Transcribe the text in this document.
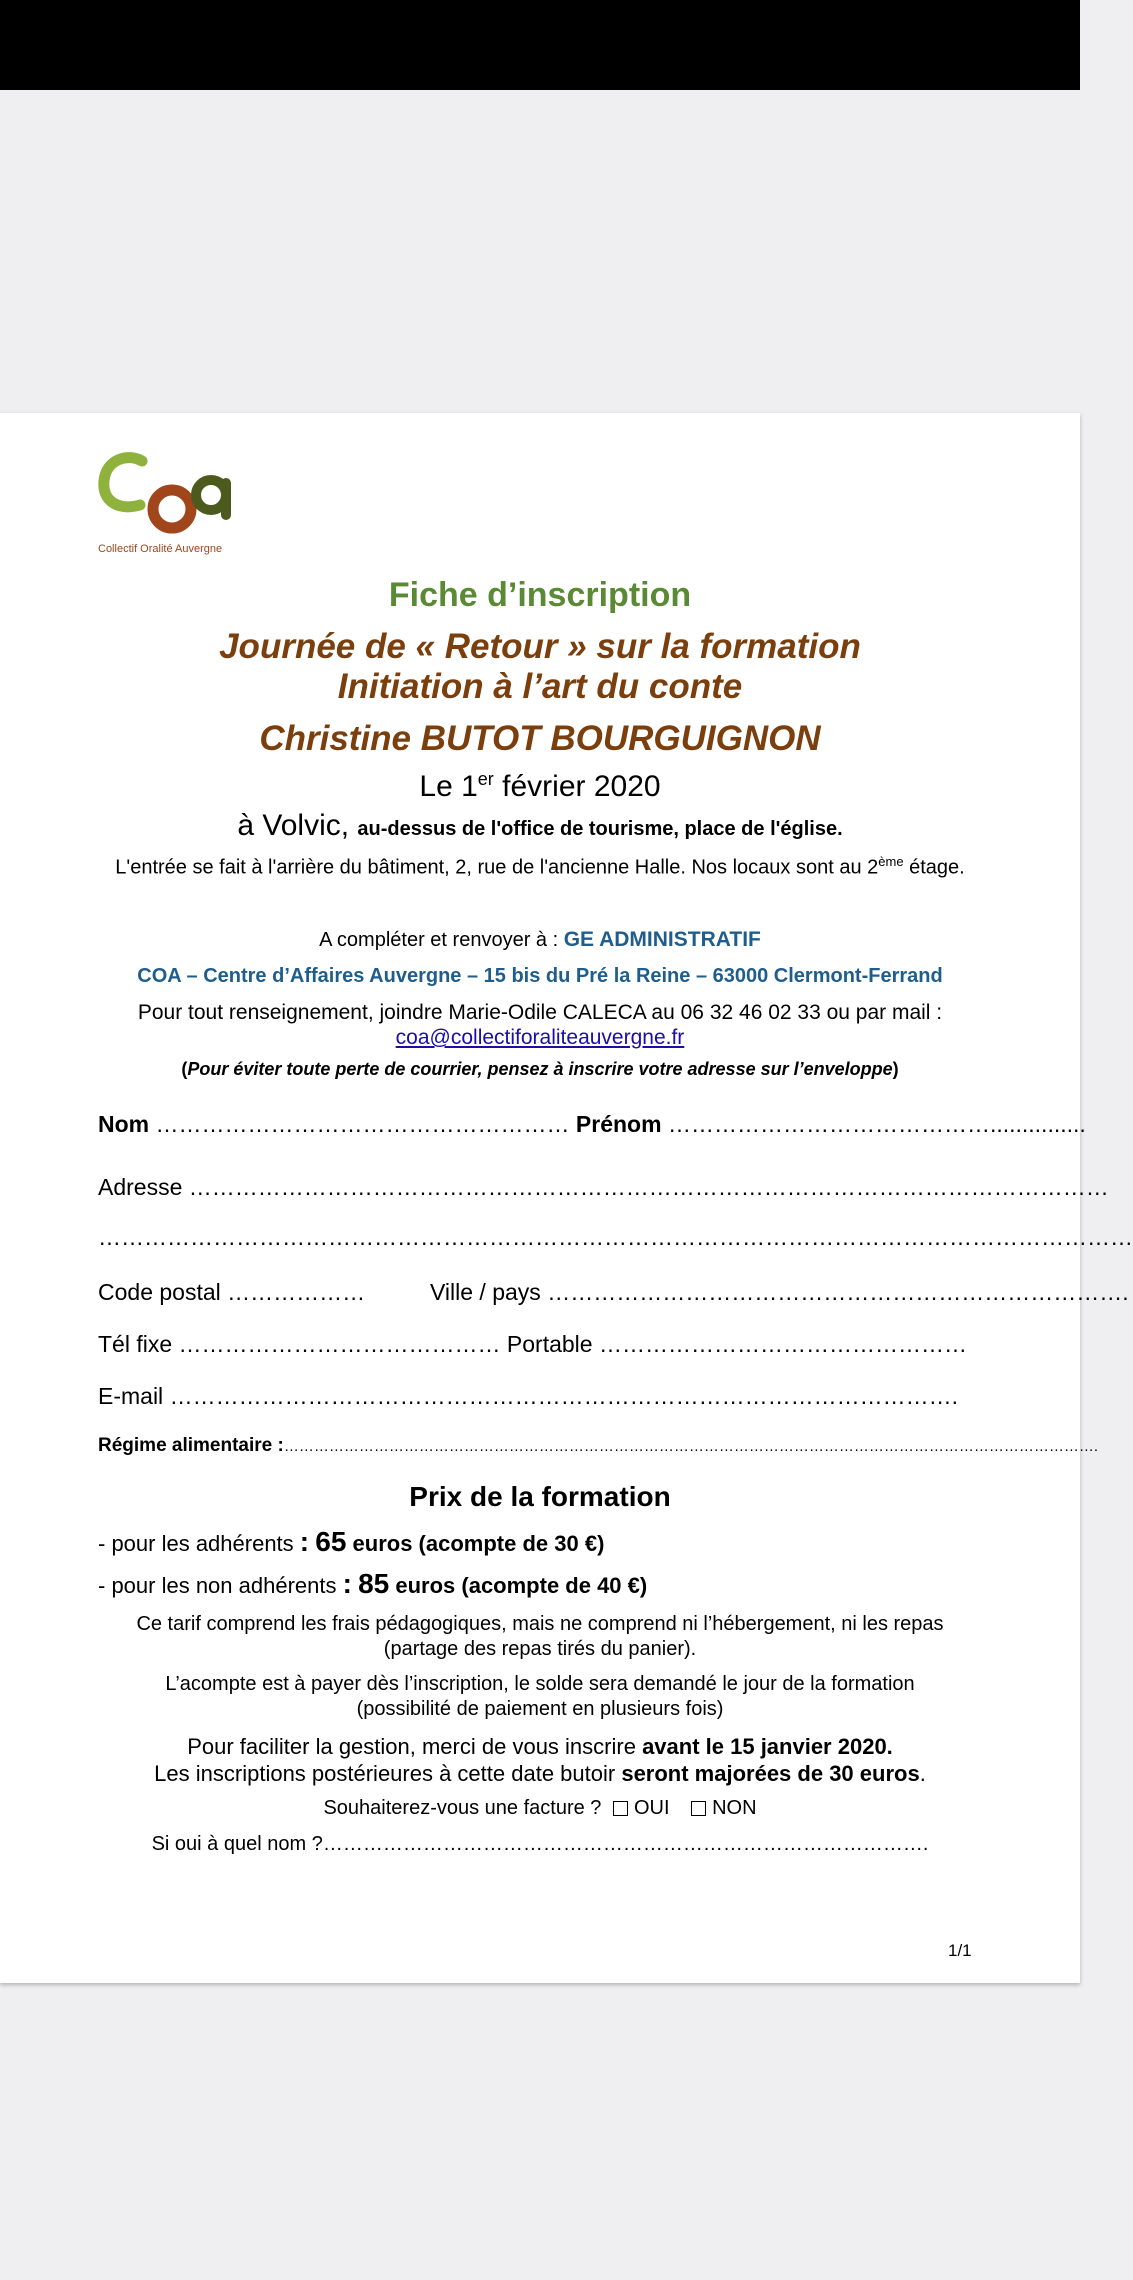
Collectif Oralité Auvergne
Fiche d’inscription
Journée de « Retour » sur la formation
Initiation à l’art du conte
Christine BUTOT BOURGUIGNON
Le 1er février 2020
à Volvic, au-dessus de l'office de tourisme, place de l'église.
L'entrée se fait à l'arrière du bâtiment, 2, rue de l'ancienne Halle. Nos locaux sont au 2ème étage.
A compléter et renvoyer à : GE ADMINISTRATIF
COA – Centre d’Affaires Auvergne – 15 bis du Pré la Reine – 63000 Clermont-Ferrand
Pour tout renseignement, joindre Marie-Odile CALECA au 06 32 46 02 33 ou par mail :
coa@collectiforaliteauvergne.fr
(Pour éviter toute perte de courrier, pensez à inscrire votre adresse sur l’enveloppe)
Nom ……………………………………………… Prénom ……………………………………...............
Adresse …………………………………………………………………………………………………………
………………………………………………………………………………………………………………………
Code postal ………………	Ville / pays ………………………………………………………………….
Tél fixe …………………………………… Portable …………………………………………
E-mail ………………………………………………………………………………………….
Régime alimentaire :……………………………………………………………………………………………………………………………………………….
Prix de la formation
- pour les adhérents : 65 euros (acompte de 30 €)
- pour les non adhérents : 85 euros (acompte de 40 €)
Ce tarif comprend les frais pédagogiques, mais ne comprend ni l’hébergement, ni les repas
(partage des repas tirés du panier).
L’acompte est à payer dès l’inscription, le solde sera demandé le jour de la formation
(possibilité de paiement en plusieurs fois)
Pour faciliter la gestion, merci de vous inscrire avant le 15 janvier 2020.
Les inscriptions postérieures à cette date butoir seront majorées de 30 euros.
Souhaiterez-vous une facture ? OUI NON
Si oui à quel nom ?……………………………………………………………………………….
1/1
